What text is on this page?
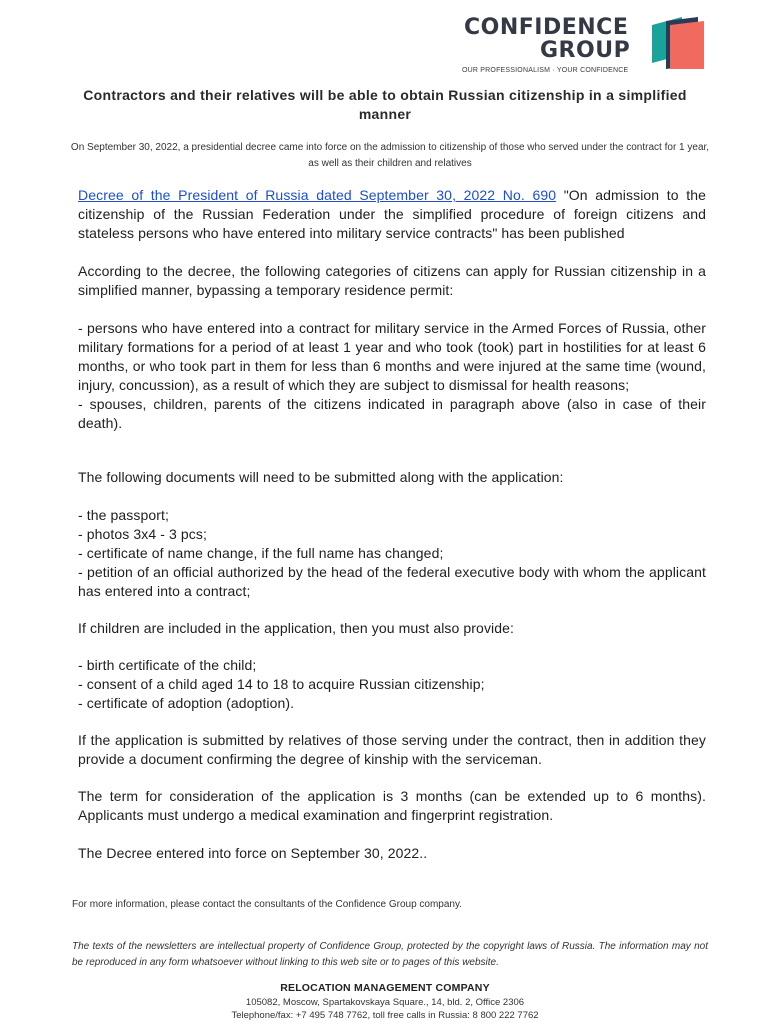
CONFIDENCE
GROUP
OUR PROFESSIONALISM · YOUR CONFIDENCE
Contractors and their relatives will be able to obtain Russian citizenship in a simplified manner

On September 30, 2022, a presidential decree came into force on the admission to citizenship of those who served under the contract for 1 year, as well as their children and relatives

Decree of the President of Russia dated September 30, 2022 No. 690 "On admission to the citizenship of the Russian Federation under the simplified procedure of foreign citizens and stateless persons who have entered into military service contracts" has been published

According to the decree, the following categories of citizens can apply for Russian citizenship in a simplified manner, bypassing a temporary residence permit:

- persons who have entered into a contract for military service in the Armed Forces of Russia, other military formations for a period of at least 1 year and who took (took) part in hostilities for at least 6 months, or who took part in them for less than 6 months and were injured at the same time (wound, injury, concussion), as a result of which they are subject to dismissal for health reasons;
- spouses, children, parents of the citizens indicated in paragraph above (also in case of their death).

The following documents will need to be submitted along with the application:

- the passport;
- photos 3x4 - 3 pcs;
- certificate of name change, if the full name has changed;
- petition of an official authorized by the head of the federal executive body with whom the applicant has entered into a contract;

If children are included in the application, then you must also provide:

- birth certificate of the child;
- consent of a child aged 14 to 18 to acquire Russian citizenship;
- certificate of adoption (adoption).

If the application is submitted by relatives of those serving under the contract, then in addition they provide a document confirming the degree of kinship with the serviceman.

The term for consideration of the application is 3 months (can be extended up to 6 months). Applicants must undergo a medical examination and fingerprint registration.

The Decree entered into force on September 30, 2022..

For more information, please contact the consultants of the Confidence Group company.

The texts of the newsletters are intellectual property of Confidence Group, protected by the copyright laws of Russia. The information may not be reproduced in any form whatsoever without linking to this web site or to pages of this website.

RELOCATION MANAGEMENT COMPANY

105082, Moscow, Spartakovskaya Square., 14, bld. 2, Office 2306

Telephone/fax: +7 495 748 7762, toll free calls in Russia: 8 800 222 7762
